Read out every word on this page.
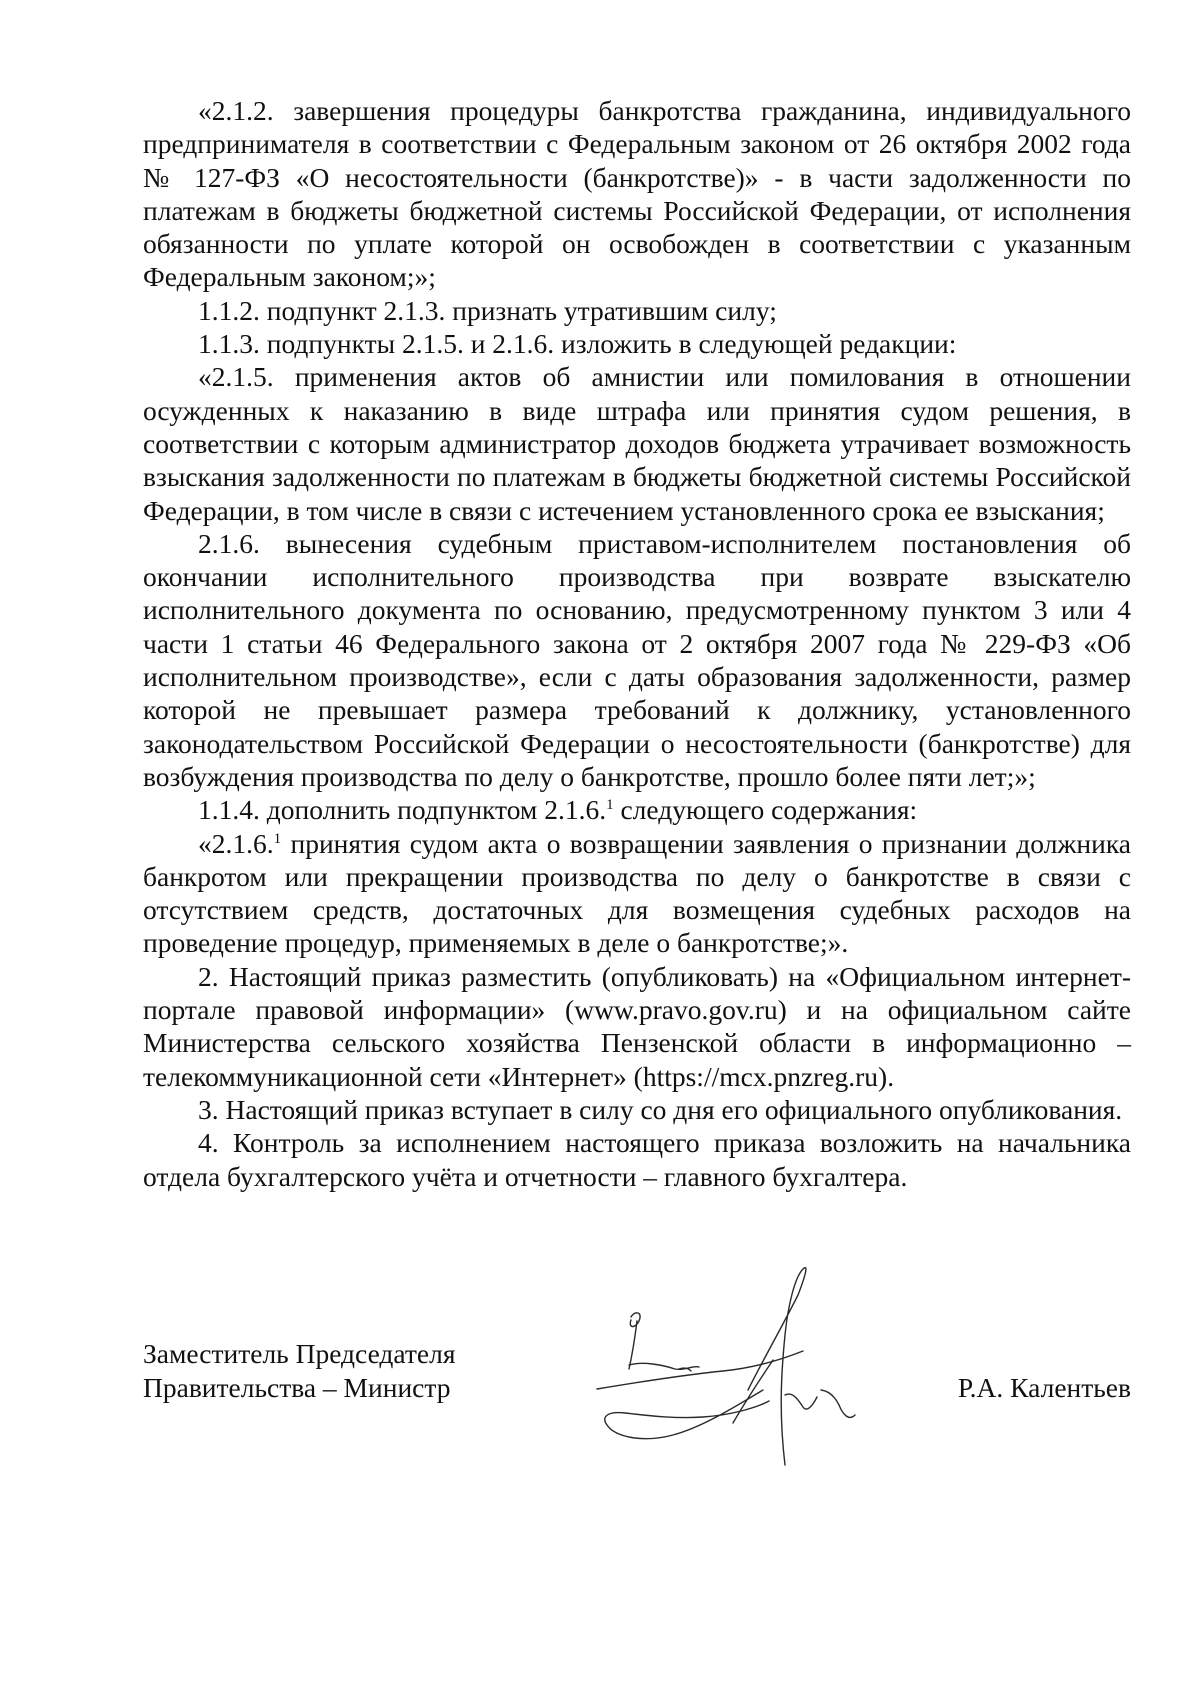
«2.1.2. завершения процедуры банкротства гражданина, индивидуального предпринимателя в соответствии с Федеральным законом от 26 октября 2002 года № 127-ФЗ «О несостоятельности (банкротстве)» - в части задолженности по платежам в бюджеты бюджетной системы Российской Федерации, от исполнения обязанности по уплате которой он освобожден в соответствии с указанным Федеральным законом;»;

1.1.2. подпункт 2.1.3. признать утратившим силу;

1.1.3. подпункты 2.1.5. и 2.1.6. изложить в следующей редакции:

«2.1.5. применения актов об амнистии или помилования в отношении осужденных к наказанию в виде штрафа или принятия судом решения, в соответствии с которым администратор доходов бюджета утрачивает возможность взыскания задолженности по платежам в бюджеты бюджетной системы Российской Федерации, в том числе в связи с истечением установленного срока ее взыскания;

2.1.6. вынесения судебным приставом-исполнителем постановления об окончании исполнительного производства при возврате взыскателю исполнительного документа по основанию, предусмотренному пунктом 3 или 4 части 1 статьи 46 Федерального закона от 2 октября 2007 года № 229-ФЗ «Об исполнительном производстве», если с даты образования задолженности, размер которой не превышает размера требований к должнику, установленного законодательством Российской Федерации о несостоятельности (банкротстве) для возбуждения производства по делу о банкротстве, прошло более пяти лет;»;

1.1.4. дополнить подпунктом 2.1.6.$^1$ следующего содержания:

«2.1.6.$^1$ принятия судом акта о возвращении заявления о признании должника банкротом или прекращении производства по делу о банкротстве в связи с отсутствием средств, достаточных для возмещения судебных расходов на проведение процедур, применяемых в деле о банкротстве;».

2. Настоящий приказ разместить (опубликовать) на «Официальном интернет-портале правовой информации» (www.pravo.gov.ru) и на официальном сайте Министерства сельского хозяйства Пензенской области в информационно – телекоммуникационной сети «Интернет» (https://mcx.pnzreg.ru).

3. Настоящий приказ вступает в силу со дня его официального опубликования.

4. Контроль за исполнением настоящего приказа возложить на начальника отдела бухгалтерского учёта и отчетности – главного бухгалтера.

Заместитель Председателя
Правительства – Министр	Р.А. Калентьев
